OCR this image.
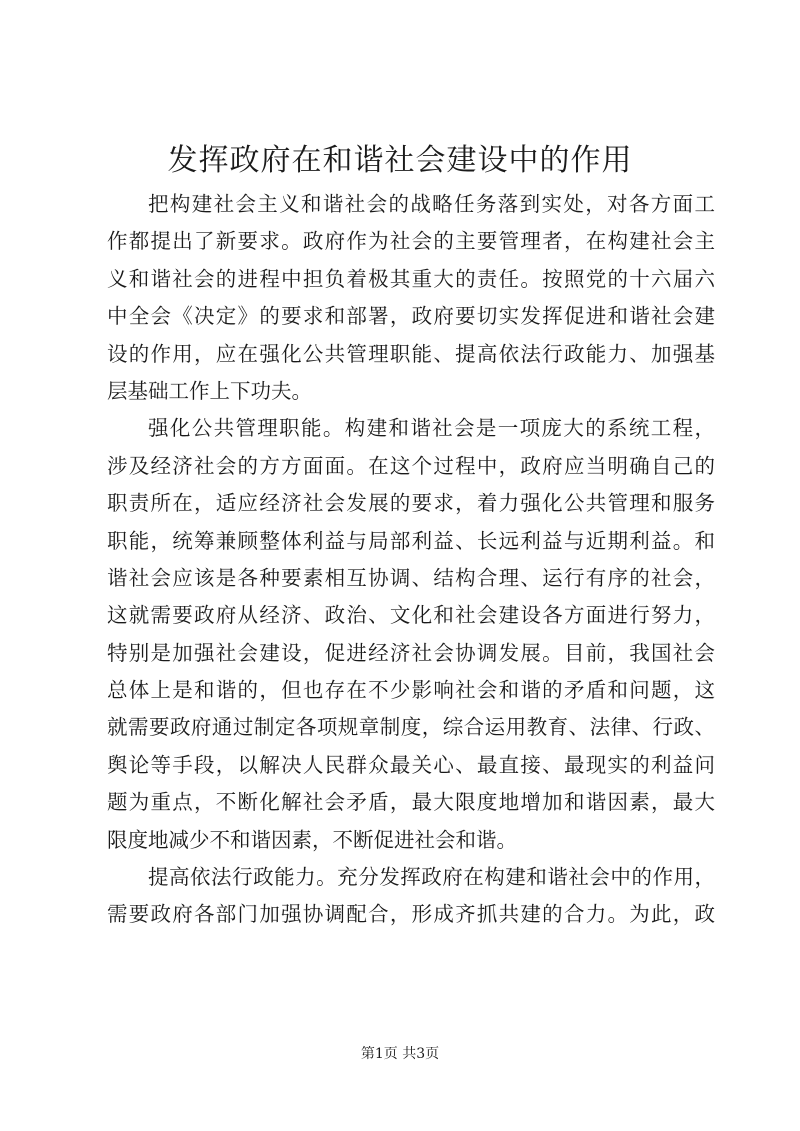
发挥政府在和谐社会建设中的作用
把构建社会主义和谐社会的战略任务落到实处，对各方面工
作都提出了新要求。政府作为社会的主要管理者，在构建社会主
义和谐社会的进程中担负着极其重大的责任。按照党的十六届六
中全会《决定》的要求和部署，政府要切实发挥促进和谐社会建
设的作用，应在强化公共管理职能、提高依法行政能力、加强基
层基础工作上下功夫。
强化公共管理职能。构建和谐社会是一项庞大的系统工程，
涉及经济社会的方方面面。在这个过程中，政府应当明确自己的
职责所在，适应经济社会发展的要求，着力强化公共管理和服务
职能，统筹兼顾整体利益与局部利益、长远利益与近期利益。和
谐社会应该是各种要素相互协调、结构合理、运行有序的社会，
这就需要政府从经济、政治、文化和社会建设各方面进行努力，
特别是加强社会建设，促进经济社会协调发展。目前，我国社会
总体上是和谐的，但也存在不少影响社会和谐的矛盾和问题，这
就需要政府通过制定各项规章制度，综合运用教育、法律、行政、
舆论等手段，以解决人民群众最关心、最直接、最现实的利益问
题为重点，不断化解社会矛盾，最大限度地增加和谐因素，最大
限度地减少不和谐因素，不断促进社会和谐。
提高依法行政能力。充分发挥政府在构建和谐社会中的作用，
需要政府各部门加强协调配合，形成齐抓共建的合力。为此，政
第1页 共3页
